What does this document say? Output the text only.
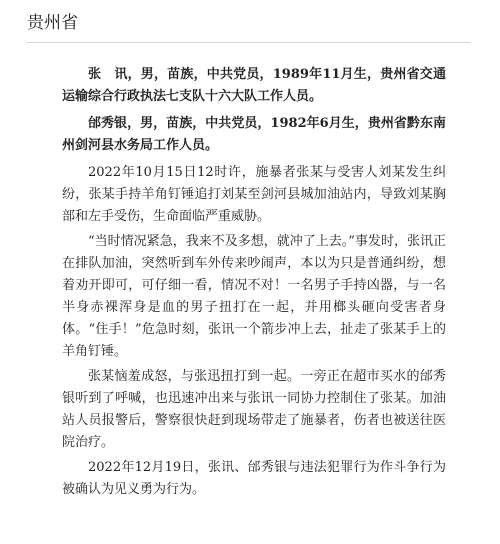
贵州省

张　讯，男，苗族，中共党员，1989年11月生，贵州省交通运输综合行政执法七支队十六大队工作人员。

邰秀银，男，苗族，中共党员，1982年6月生，贵州省黔东南州剑河县水务局工作人员。

2022年10月15日12时许，施暴者张某与受害人刘某发生纠纷，张某手持羊角钉锤追打刘某至剑河县城加油站内，导致刘某胸部和左手受伤，生命面临严重威胁。

“当时情况紧急，我来不及多想，就冲了上去。”事发时，张讯正在排队加油，突然听到车外传来吵闹声，本以为只是普通纠纷，想着劝开即可，可仔细一看，情况不对！一名男子手持凶器，与一名半身赤裸浑身是血的男子扭打在一起，并用榔头砸向受害者身体。“住手！”危急时刻，张讯一个箭步冲上去，扯走了张某手上的羊角钉锤。

张某恼羞成怒，与张迅扭打到一起。一旁正在超市买水的邰秀银听到了呼喊，也迅速冲出来与张讯一同协力控制住了张某。加油站人员报警后，警察很快赶到现场带走了施暴者，伤者也被送往医院治疗。

2022年12月19日，张讯、邰秀银与违法犯罪行为作斗争行为被确认为见义勇为行为。
